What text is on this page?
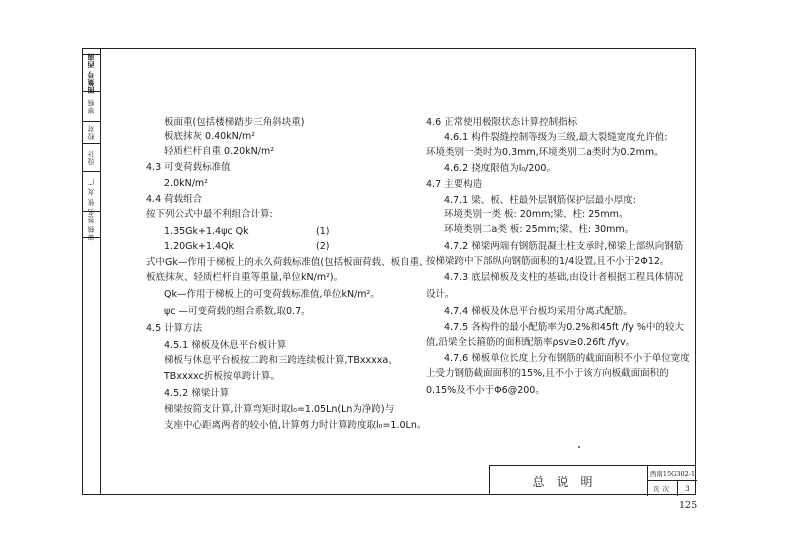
图集号 西南
审核
校对
设计
张 友 广
审核 签名
板面重(包括楼梯踏步三角斜块重)
板底抹灰 0.40kN/m²
轻质栏杆自重 0.20kN/m²
4.3 可变荷载标准值
2.0kN/m²
4.4 荷载组合
按下列公式中最不利组合计算:
1.35Gk+1.4ψc Qk	(1)
1.20Gk+1.4Qk	(2)
式中Gk—作用于梯板上的永久荷载标准值(包括板面荷载、板自重、
板底抹灰、轻质栏杆自重等重量,单位kN/m²)。
Qk—作用于梯板上的可变荷载标准值,单位kN/m²。
ψc —可变荷载的组合系数,取0.7。
4.5 计算方法
4.5.1 梯板及休息平台板计算
梯板与休息平台板按二跨和三跨连续板计算,TBxxxxa、
TBxxxxc折板按单跨计算。
4.5.2 梯梁计算
梯梁按简支计算,计算弯矩时取l₀=1.05Ln(Ln为净跨)与
支座中心距离两者的较小值,计算剪力时计算跨度取l₀=1.0Ln。
4.6 正常使用极限状态计算控制指标
4.6.1 构件裂缝控制等级为三级,最大裂缝宽度允许值:
环境类别一类时为0.3mm,环境类别二a类时为0.2mm。
4.6.2 挠度限值为l₀/200。
4.7 主要构造
4.7.1 梁、板、柱最外层钢筋保护层最小厚度:
环境类别一类 板: 20mm;梁、柱: 25mm。
环境类别二a类 板: 25mm;梁、柱: 30mm。
4.7.2 梯梁两端有钢筋混凝土柱支承时,梯梁上部纵向钢筋
按梯梁跨中下部纵向钢筋面积的1/4设置,且不小于2Φ12。
4.7.3 底层梯板及支柱的基础,由设计者根据工程具体情况
设计。
4.7.4 梯板及休息平台板均采用分离式配筋。
4.7.5 各构件的最小配筋率为0.2%和45ft /fy %中的较大
值,沿梁全长箍筋的面积配筋率ρsv≥0.26ft /fyv。
4.7.6 梯板单位长度上分布钢筋的截面面积不小于单位宽度
上受力钢筋截面面积的15%,且不小于该方向板截面面积的
0.15%及不小于Φ6@200。
总说明
西南15G302-1
页次	3
125
